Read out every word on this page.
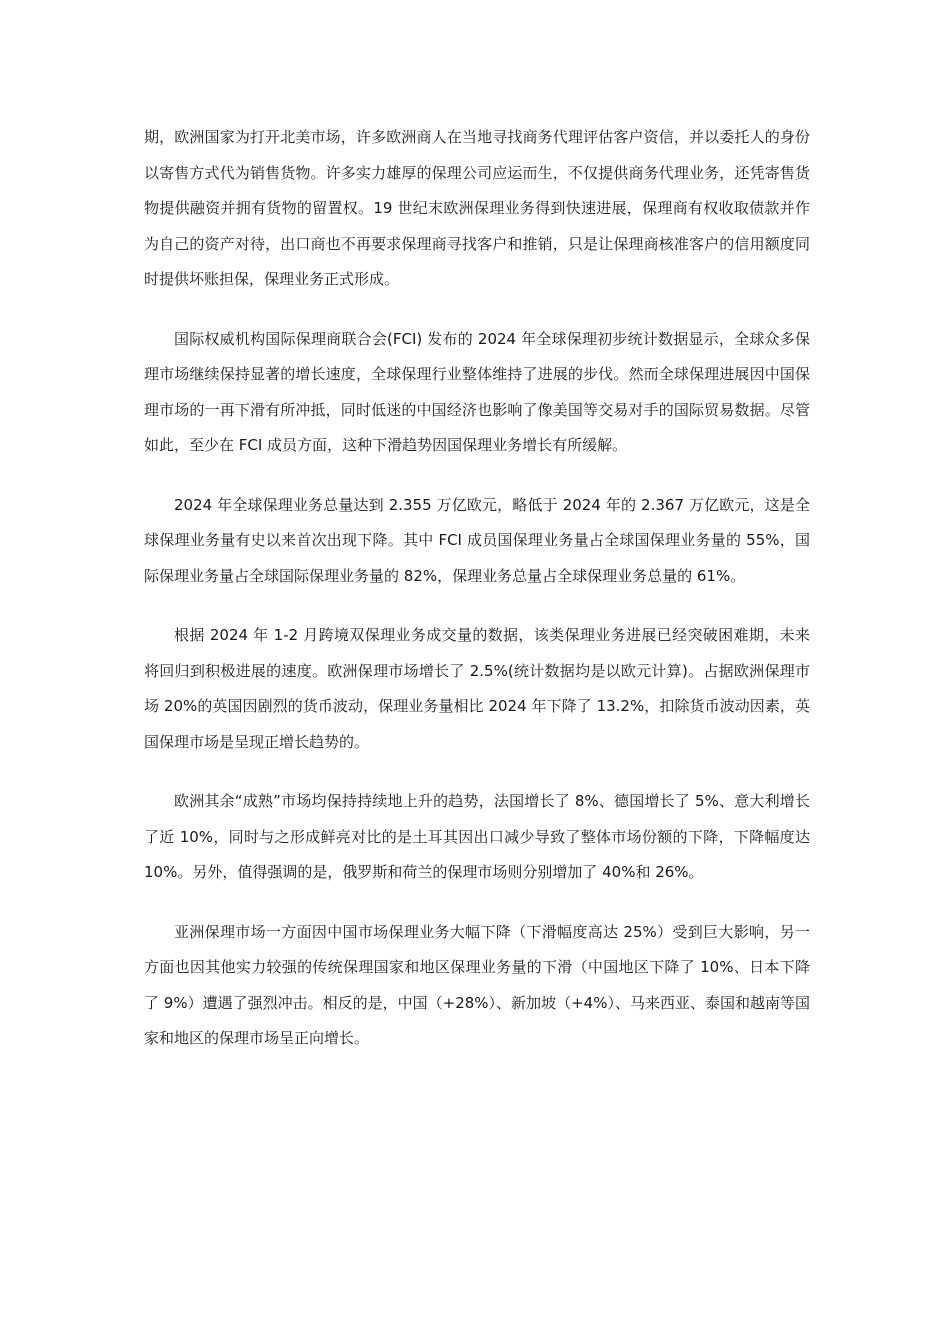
期，欧洲国家为打开北美市场，许多欧洲商人在当地寻找商务代理评估客户资信，并以委托人的身份以寄售方式代为销售货物。许多实力雄厚的保理公司应运而生，不仅提供商务代理业务，还凭寄售货物提供融资并拥有货物的留置权。19 世纪末欧洲保理业务得到快速进展，保理商有权收取债款并作为自己的资产对待，出口商也不再要求保理商寻找客户和推销，只是让保理商核准客户的信用额度同时提供坏账担保，保理业务正式形成。

国际权威机构国际保理商联合会(FCI) 发布的 2024 年全球保理初步统计数据显示，全球众多保理市场继续保持显著的增长速度，全球保理行业整体维持了进展的步伐。然而全球保理进展因中国保理市场的一再下滑有所冲抵，同时低迷的中国经济也影响了像美国等交易对手的国际贸易数据。尽管如此，至少在 FCI 成员方面，这种下滑趋势因国保理业务增长有所缓解。

2024 年全球保理业务总量达到 2.355 万亿欧元，略低于 2024 年的 2.367 万亿欧元，这是全球保理业务量有史以来首次出现下降。其中 FCI 成员国保理业务量占全球国保理业务量的 55%，国际保理业务量占全球国际保理业务量的 82%，保理业务总量占全球保理业务总量的 61%。

根据 2024 年 1-2 月跨境双保理业务成交量的数据，该类保理业务进展已经突破困难期，未来将回归到积极进展的速度。欧洲保理市场增长了 2.5%(统计数据均是以欧元计算)。占据欧洲保理市场 20%的英国因剧烈的货币波动，保理业务量相比 2024 年下降了 13.2%，扣除货币波动因素，英国保理市场是呈现正增长趋势的。

欧洲其余“成熟”市场均保持持续地上升的趋势，法国增长了 8%、德国增长了 5%、意大利增长了近 10%，同时与之形成鲜亮对比的是土耳其因出口减少导致了整体市场份额的下降，下降幅度达 10%。另外，值得强调的是，俄罗斯和荷兰的保理市场则分别增加了 40%和 26%。

亚洲保理市场一方面因中国市场保理业务大幅下降（下滑幅度高达 25%）受到巨大影响，另一方面也因其他实力较强的传统保理国家和地区保理业务量的下滑（中国地区下降了 10%、日本下降了 9%）遭遇了强烈冲击。相反的是，中国（+28%）、新加坡（+4%）、马来西亚、泰国和越南等国家和地区的保理市场呈正向增长。
